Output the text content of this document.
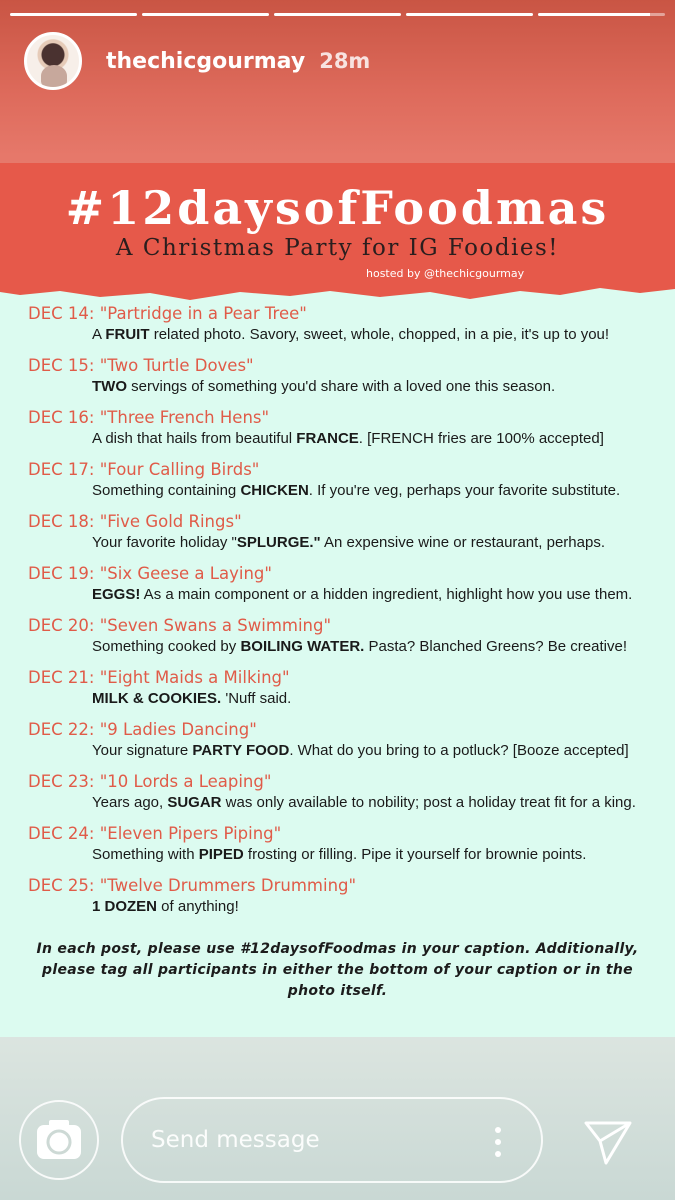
thechicgourmay 28m
#12daysofFoodmas
A Christmas Party for IG Foodies!
hosted by @thechicgourmay
DEC 14: "Partridge in a Pear Tree"
A FRUIT related photo. Savory, sweet, whole, chopped, in a pie, it's up to you!
DEC 15: "Two Turtle Doves"
TWO servings of something you'd share with a loved one this season.
DEC 16: "Three French Hens"
A dish that hails from beautiful FRANCE. [FRENCH fries are 100% accepted]
DEC 17: "Four Calling Birds"
Something containing CHICKEN. If you're veg, perhaps your favorite substitute.
DEC 18: "Five Gold Rings"
Your favorite holiday "SPLURGE." An expensive wine or restaurant, perhaps.
DEC 19: "Six Geese a Laying"
EGGS! As a main component or a hidden ingredient, highlight how you use them.
DEC 20: "Seven Swans a Swimming"
Something cooked by BOILING WATER. Pasta? Blanched Greens? Be creative!
DEC 21: "Eight Maids a Milking"
MILK & COOKIES. 'Nuff said.
DEC 22: "9 Ladies Dancing"
Your signature PARTY FOOD. What do you bring to a potluck? [Booze accepted]
DEC 23: "10 Lords a Leaping"
Years ago, SUGAR was only available to nobility; post a holiday treat fit for a king.
DEC 24: "Eleven Pipers Piping"
Something with PIPED frosting or filling. Pipe it yourself for brownie points.
DEC 25: "Twelve Drummers Drumming"
1 DOZEN of anything!
In each post, please use #12daysofFoodmas in your caption. Additionally, please tag all participants in either the bottom of your caption or in the photo itself.
Send message
